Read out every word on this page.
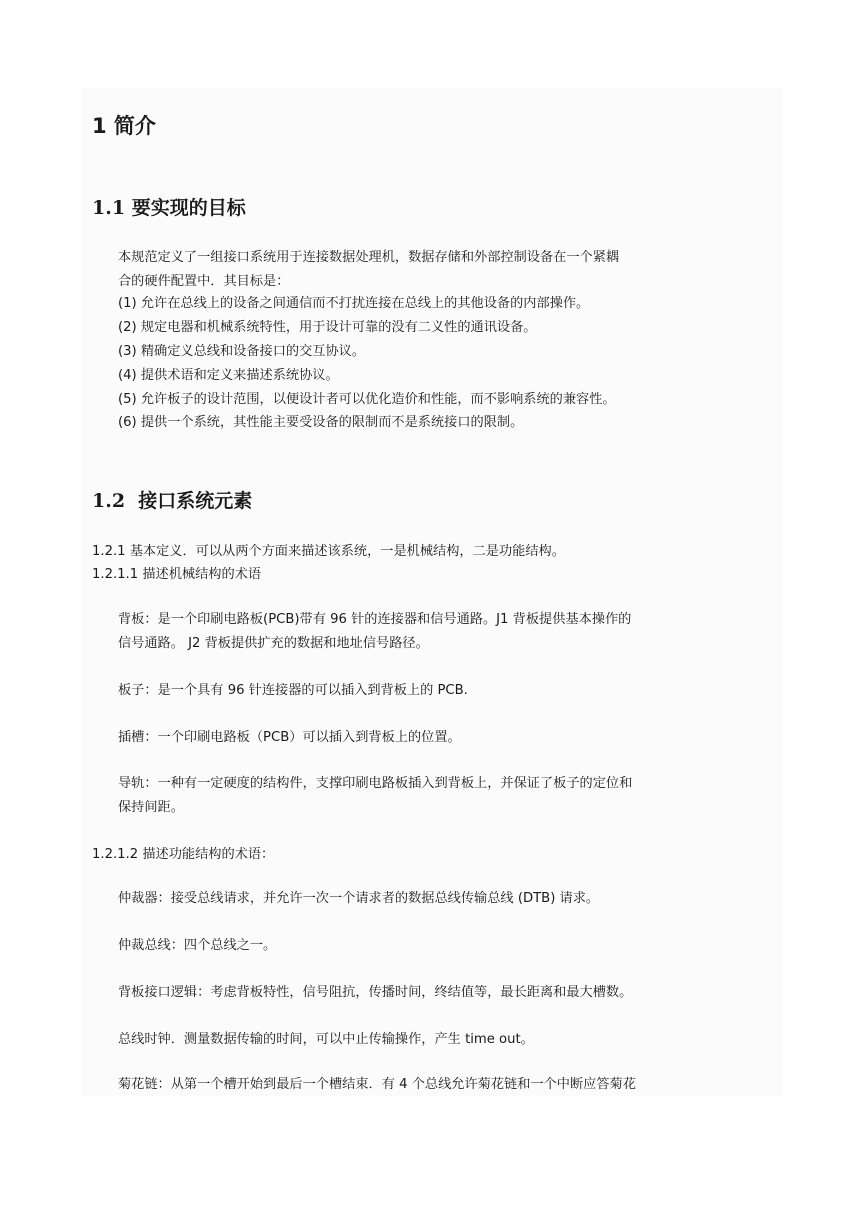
1 简介
1.1 要实现的目标

本规范定义了一组接口系统用于连接数据处理机，数据存储和外部控制设备在一个紧耦

合的硬件配置中．其目标是：

(1) 允许在总线上的设备之间通信而不打扰连接在总线上的其他设备的内部操作。

(2) 规定电器和机械系统特性，用于设计可靠的没有二义性的通讯设备。

(3) 精确定义总线和设备接口的交互协议。

(4) 提供术语和定义来描述系统协议。

(5) 允许板子的设计范围，以便设计者可以优化造价和性能，而不影响系统的兼容性。

(6) 提供一个系统，其性能主要受设备的限制而不是系统接口的限制。

1.2 接口系统元素

1.2.1 基本定义．可以从两个方面来描述该系统，一是机械结构，二是功能结构。

1.2.1.1 描述机械结构的术语

背板：是一个印刷电路板(PCB)带有 96 针的连接器和信号通路。J1 背板提供基本操作的

信号通路。 J2 背板提供扩充的数据和地址信号路径。

板子：是一个具有 96 针连接器的可以插入到背板上的 PCB.

插槽：一个印刷电路板（PCB）可以插入到背板上的位置。

导轨：一种有一定硬度的结构件，支撑印刷电路板插入到背板上，并保证了板子的定位和

保持间距。

1.2.1.2 描述功能结构的术语：

仲裁器：接受总线请求，并允许一次一个请求者的数据总线传输总线 (DTB) 请求。

仲裁总线：四个总线之一。

背板接口逻辑：考虑背板特性，信号阻抗，传播时间，终结值等，最长距离和最大槽数。

总线时钟．测量数据传输的时间，可以中止传输操作，产生 time out。

菊花链：从第一个槽开始到最后一个槽结束．有 4 个总线允许菊花链和一个中断应答菊花
